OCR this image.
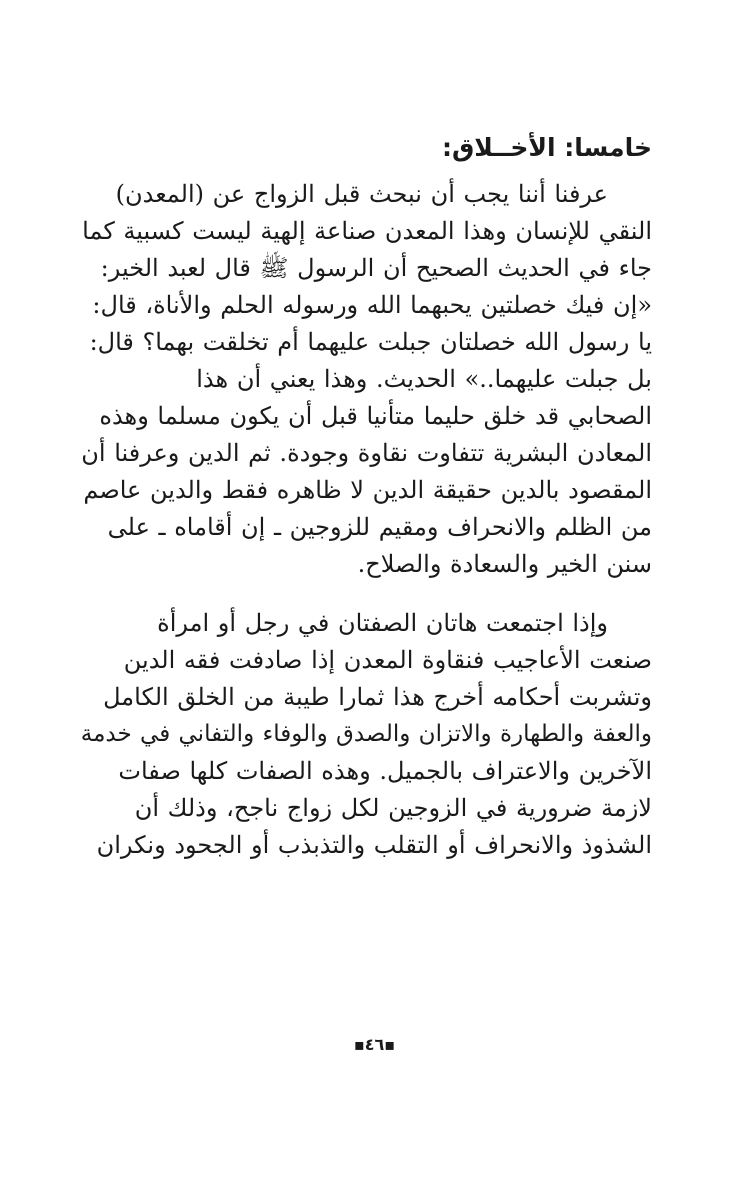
خامسا: الأخــلاق:

عرفنا أننا يجب أن نبحث قبل الزواج عن (المعدن)
النقي للإنسان وهذا المعدن صناعة إلهية ليست كسبية كما
جاء في الحديث الصحيح أن الرسول ﷺ قال لعبد الخير:
«إن فيك خصلتين يحبهما الله ورسوله الحلم والأناة، قال:
يا رسول الله خصلتان جبلت عليهما أم تخلقت بهما؟ قال:
بل جبلت عليهما..» الحديث. وهذا يعني أن هذا
الصحابي قد خلق حليما متأنيا قبل أن يكون مسلما وهذه
المعادن البشرية تتفاوت نقاوة وجودة. ثم الدين وعرفنا أن
المقصود بالدين حقيقة الدين لا ظاهره فقط والدين عاصم
من الظلم والانحراف ومقيم للزوجين ـ إن أقاماه ـ على
سنن الخير والسعادة والصلاح.

وإذا اجتمعت هاتان الصفتان في رجل أو امرأة
صنعت الأعاجيب فنقاوة المعدن إذا صادفت فقه الدين
وتشربت أحكامه أخرج هذا ثمارا طيبة من الخلق الكامل
والعفة والطهارة والاتزان والصدق والوفاء والتفاني في خدمة
الآخرين والاعتراف بالجميل. وهذه الصفات كلها صفات
لازمة ضرورية في الزوجين لكل زواج ناجح، وذلك أن
الشذوذ والانحراف أو التقلب والتذبذب أو الجحود ونكران

▪٤٦▪
